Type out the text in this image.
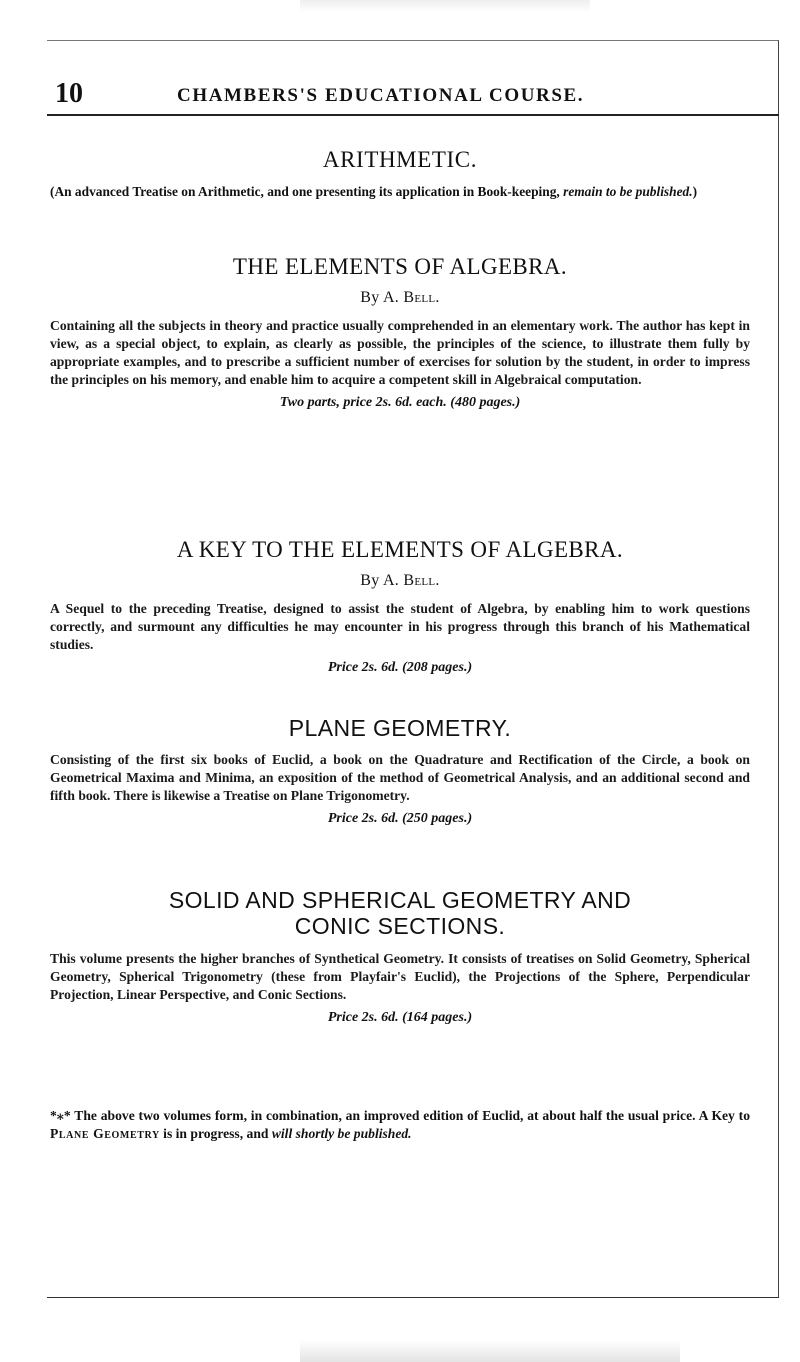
10	CHAMBERS'S EDUCATIONAL COURSE.
ARITHMETIC.

(An advanced Treatise on Arithmetic, and one presenting its application in Book-keeping, remain to be published.)

THE ELEMENTS OF ALGEBRA.
By A. Bell.

Containing all the subjects in theory and practice usually comprehended in an elementary work. The author has kept in view, as a special object, to explain, as clearly as possible, the principles of the science, to illustrate them fully by appropriate examples, and to prescribe a sufficient number of exercises for solution by the student, in order to impress the principles on his memory, and enable him to acquire a competent skill in Algebraical computation.

Two parts, price 2s. 6d. each. (480 pages.)
A KEY TO THE ELEMENTS OF ALGEBRA.
By A. Bell.

A Sequel to the preceding Treatise, designed to assist the student of Algebra, by enabling him to work questions correctly, and surmount any difficulties he may encounter in his progress through this branch of his Mathematical studies.

Price 2s. 6d. (208 pages.)
PLANE GEOMETRY.

Consisting of the first six books of Euclid, a book on the Quadrature and Rectification of the Circle, a book on Geometrical Maxima and Minima, an exposition of the method of Geometrical Analysis, and an additional second and fifth book. There is likewise a Treatise on Plane Trigonometry.

Price 2s. 6d. (250 pages.)
SOLID AND SPHERICAL GEOMETRY AND
CONIC SECTIONS.

This volume presents the higher branches of Synthetical Geometry. It consists of treatises on Solid Geometry, Spherical Geometry, Spherical Trigonometry (these from Playfair's Euclid), the Projections of the Sphere, Perpendicular Projection, Linear Perspective, and Conic Sections.

Price 2s. 6d. (164 pages.)

*⁎* The above two volumes form, in combination, an improved edition of Euclid, at about half the usual price. A Key to Plane Geometry is in progress, and will shortly be published.
